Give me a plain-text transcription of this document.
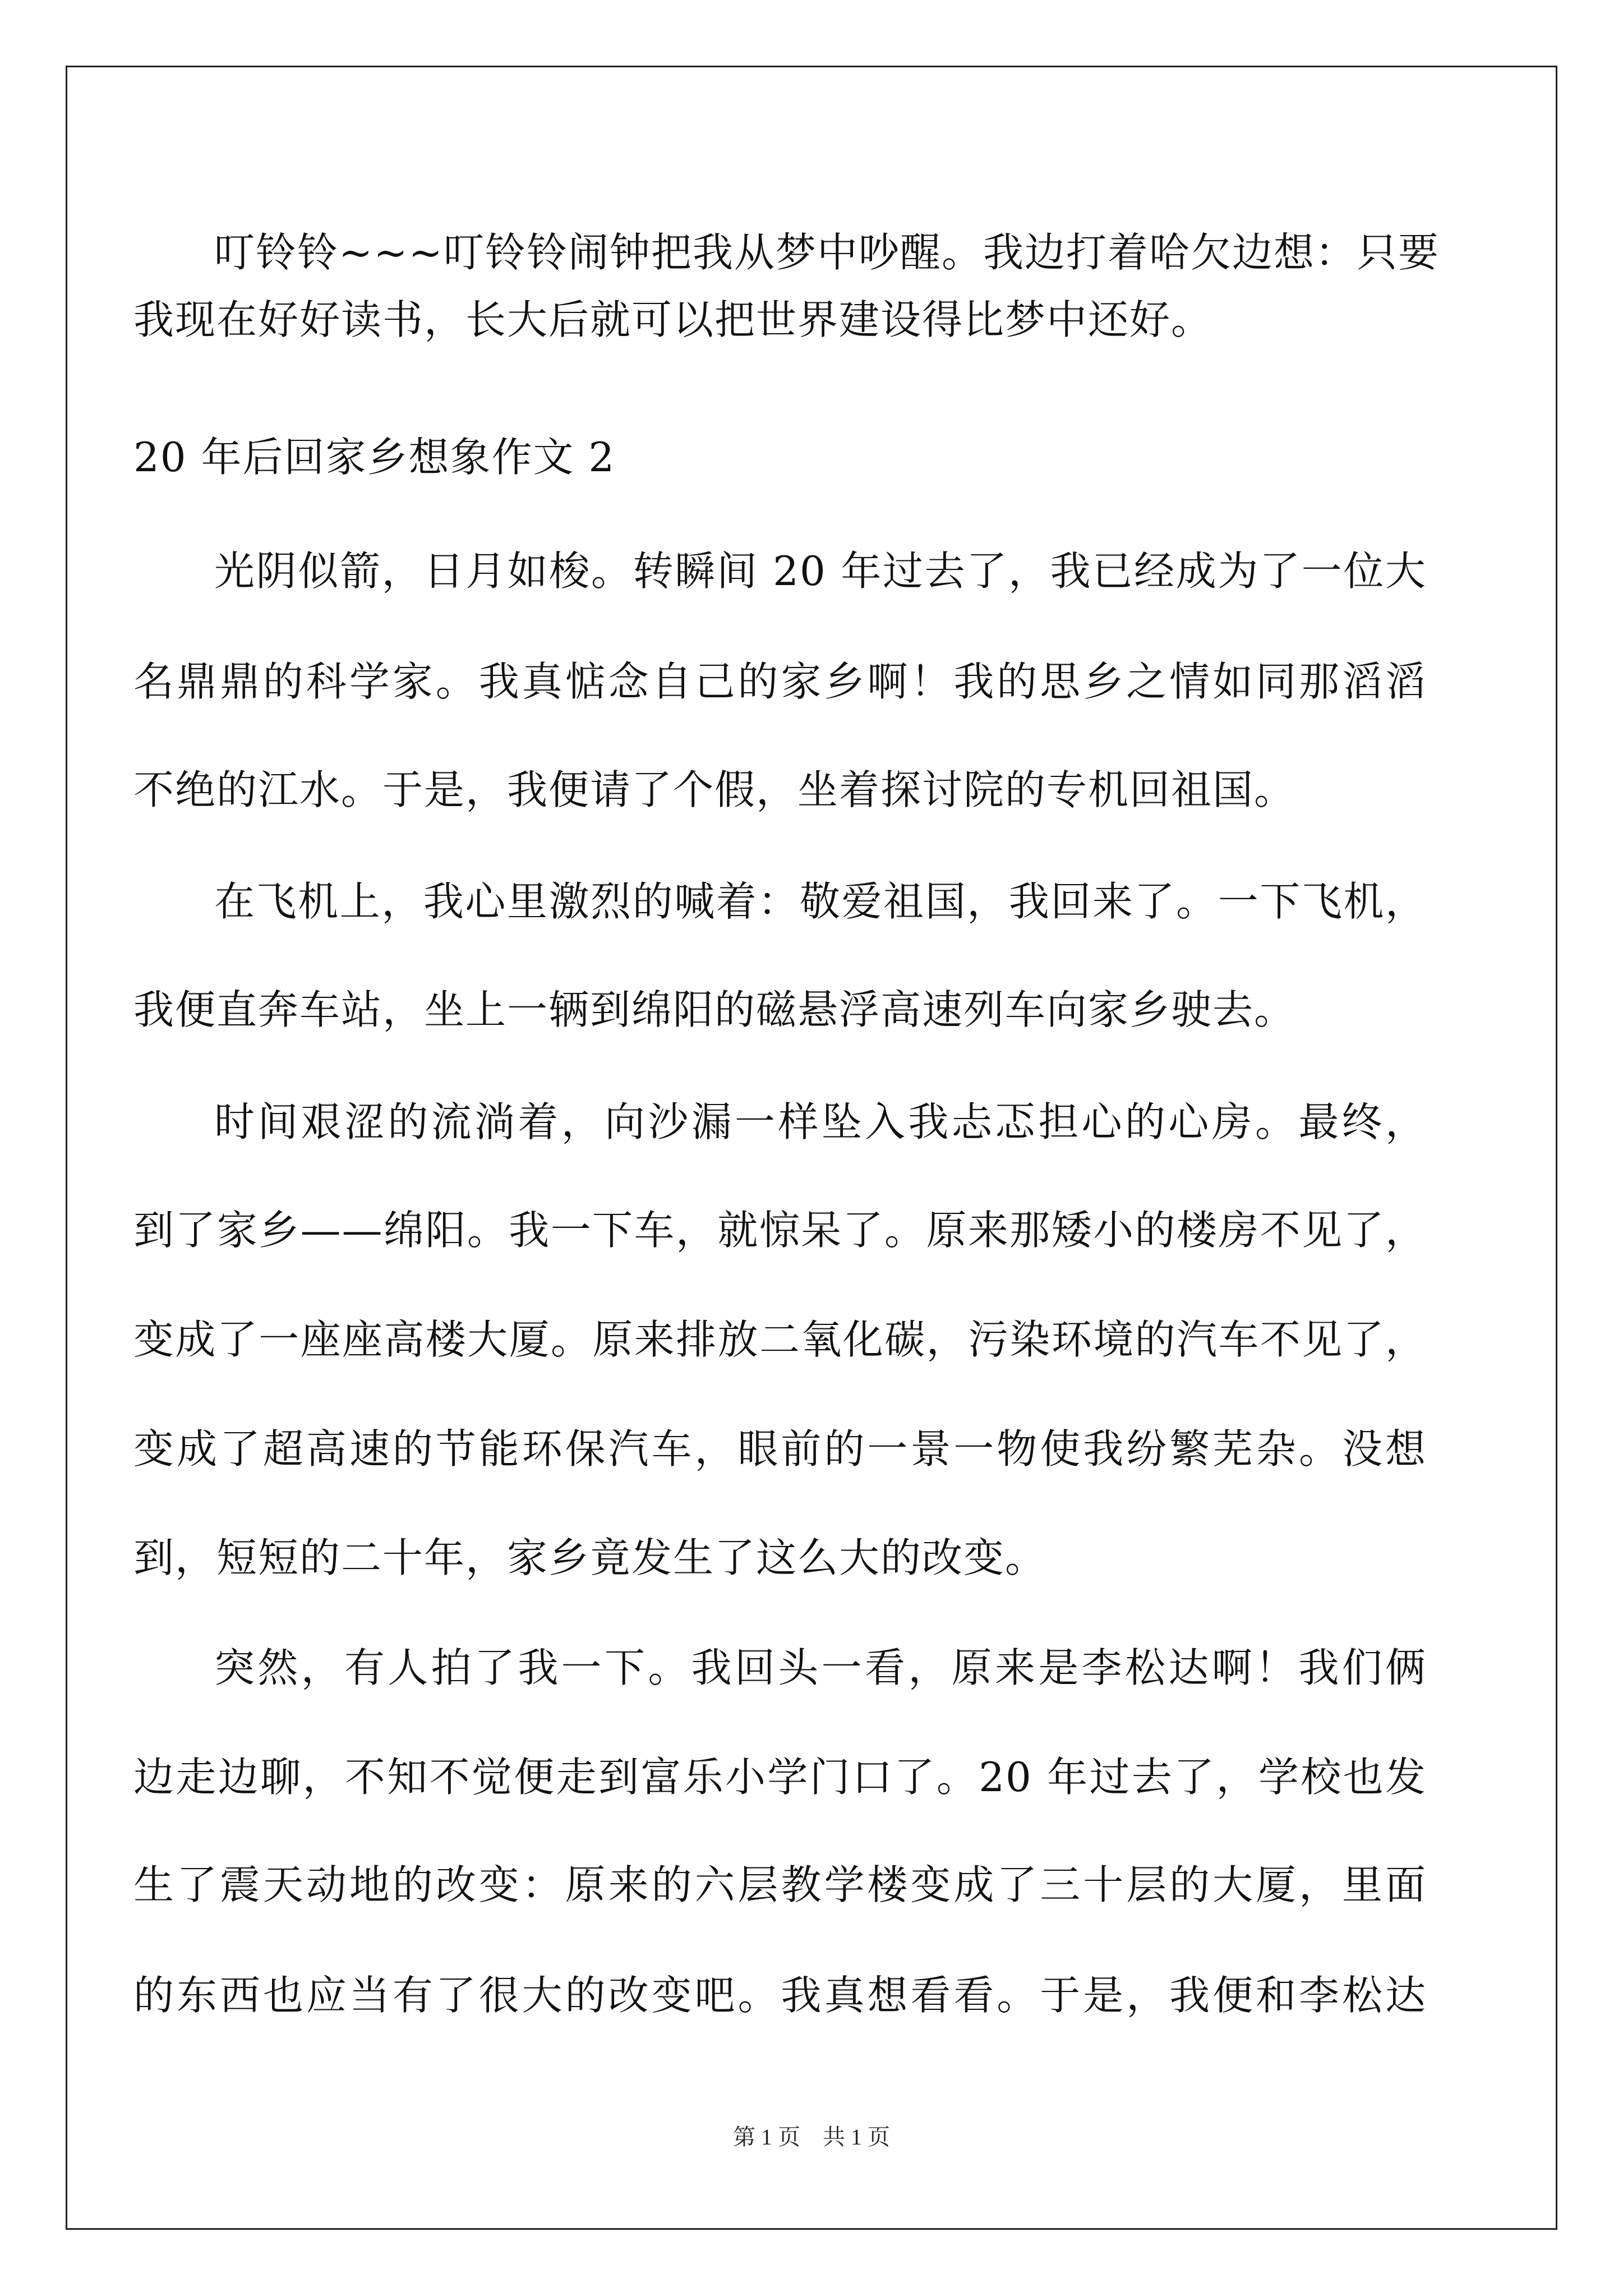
叮铃铃~~~叮铃铃闹钟把我从梦中吵醒。我边打着哈欠边想：只要
我现在好好读书，长大后就可以把世界建设得比梦中还好。
20 年后回家乡想象作文 2
光阴似箭，日月如梭。转瞬间 20 年过去了，我已经成为了一位大
名鼎鼎的科学家。我真惦念自己的家乡啊！我的思乡之情如同那滔滔
不绝的江水。于是，我便请了个假，坐着探讨院的专机回祖国。
在飞机上，我心里激烈的喊着：敬爱祖国，我回来了。一下飞机，
我便直奔车站，坐上一辆到绵阳的磁悬浮高速列车向家乡驶去。
时间艰涩的流淌着，向沙漏一样坠入我忐忑担心的心房。最终，
到了家乡——绵阳。我一下车，就惊呆了。原来那矮小的楼房不见了，
变成了一座座高楼大厦。原来排放二氧化碳，污染环境的汽车不见了，
变成了超高速的节能环保汽车，眼前的一景一物使我纷繁芜杂。没想
到，短短的二十年，家乡竟发生了这么大的改变。
突然，有人拍了我一下。我回头一看，原来是李松达啊！我们俩
边走边聊，不知不觉便走到富乐小学门口了。20 年过去了，学校也发
生了震天动地的改变：原来的六层教学楼变成了三十层的大厦，里面
的东西也应当有了很大的改变吧。我真想看看。于是，我便和李松达
第 1 页　共 1 页
